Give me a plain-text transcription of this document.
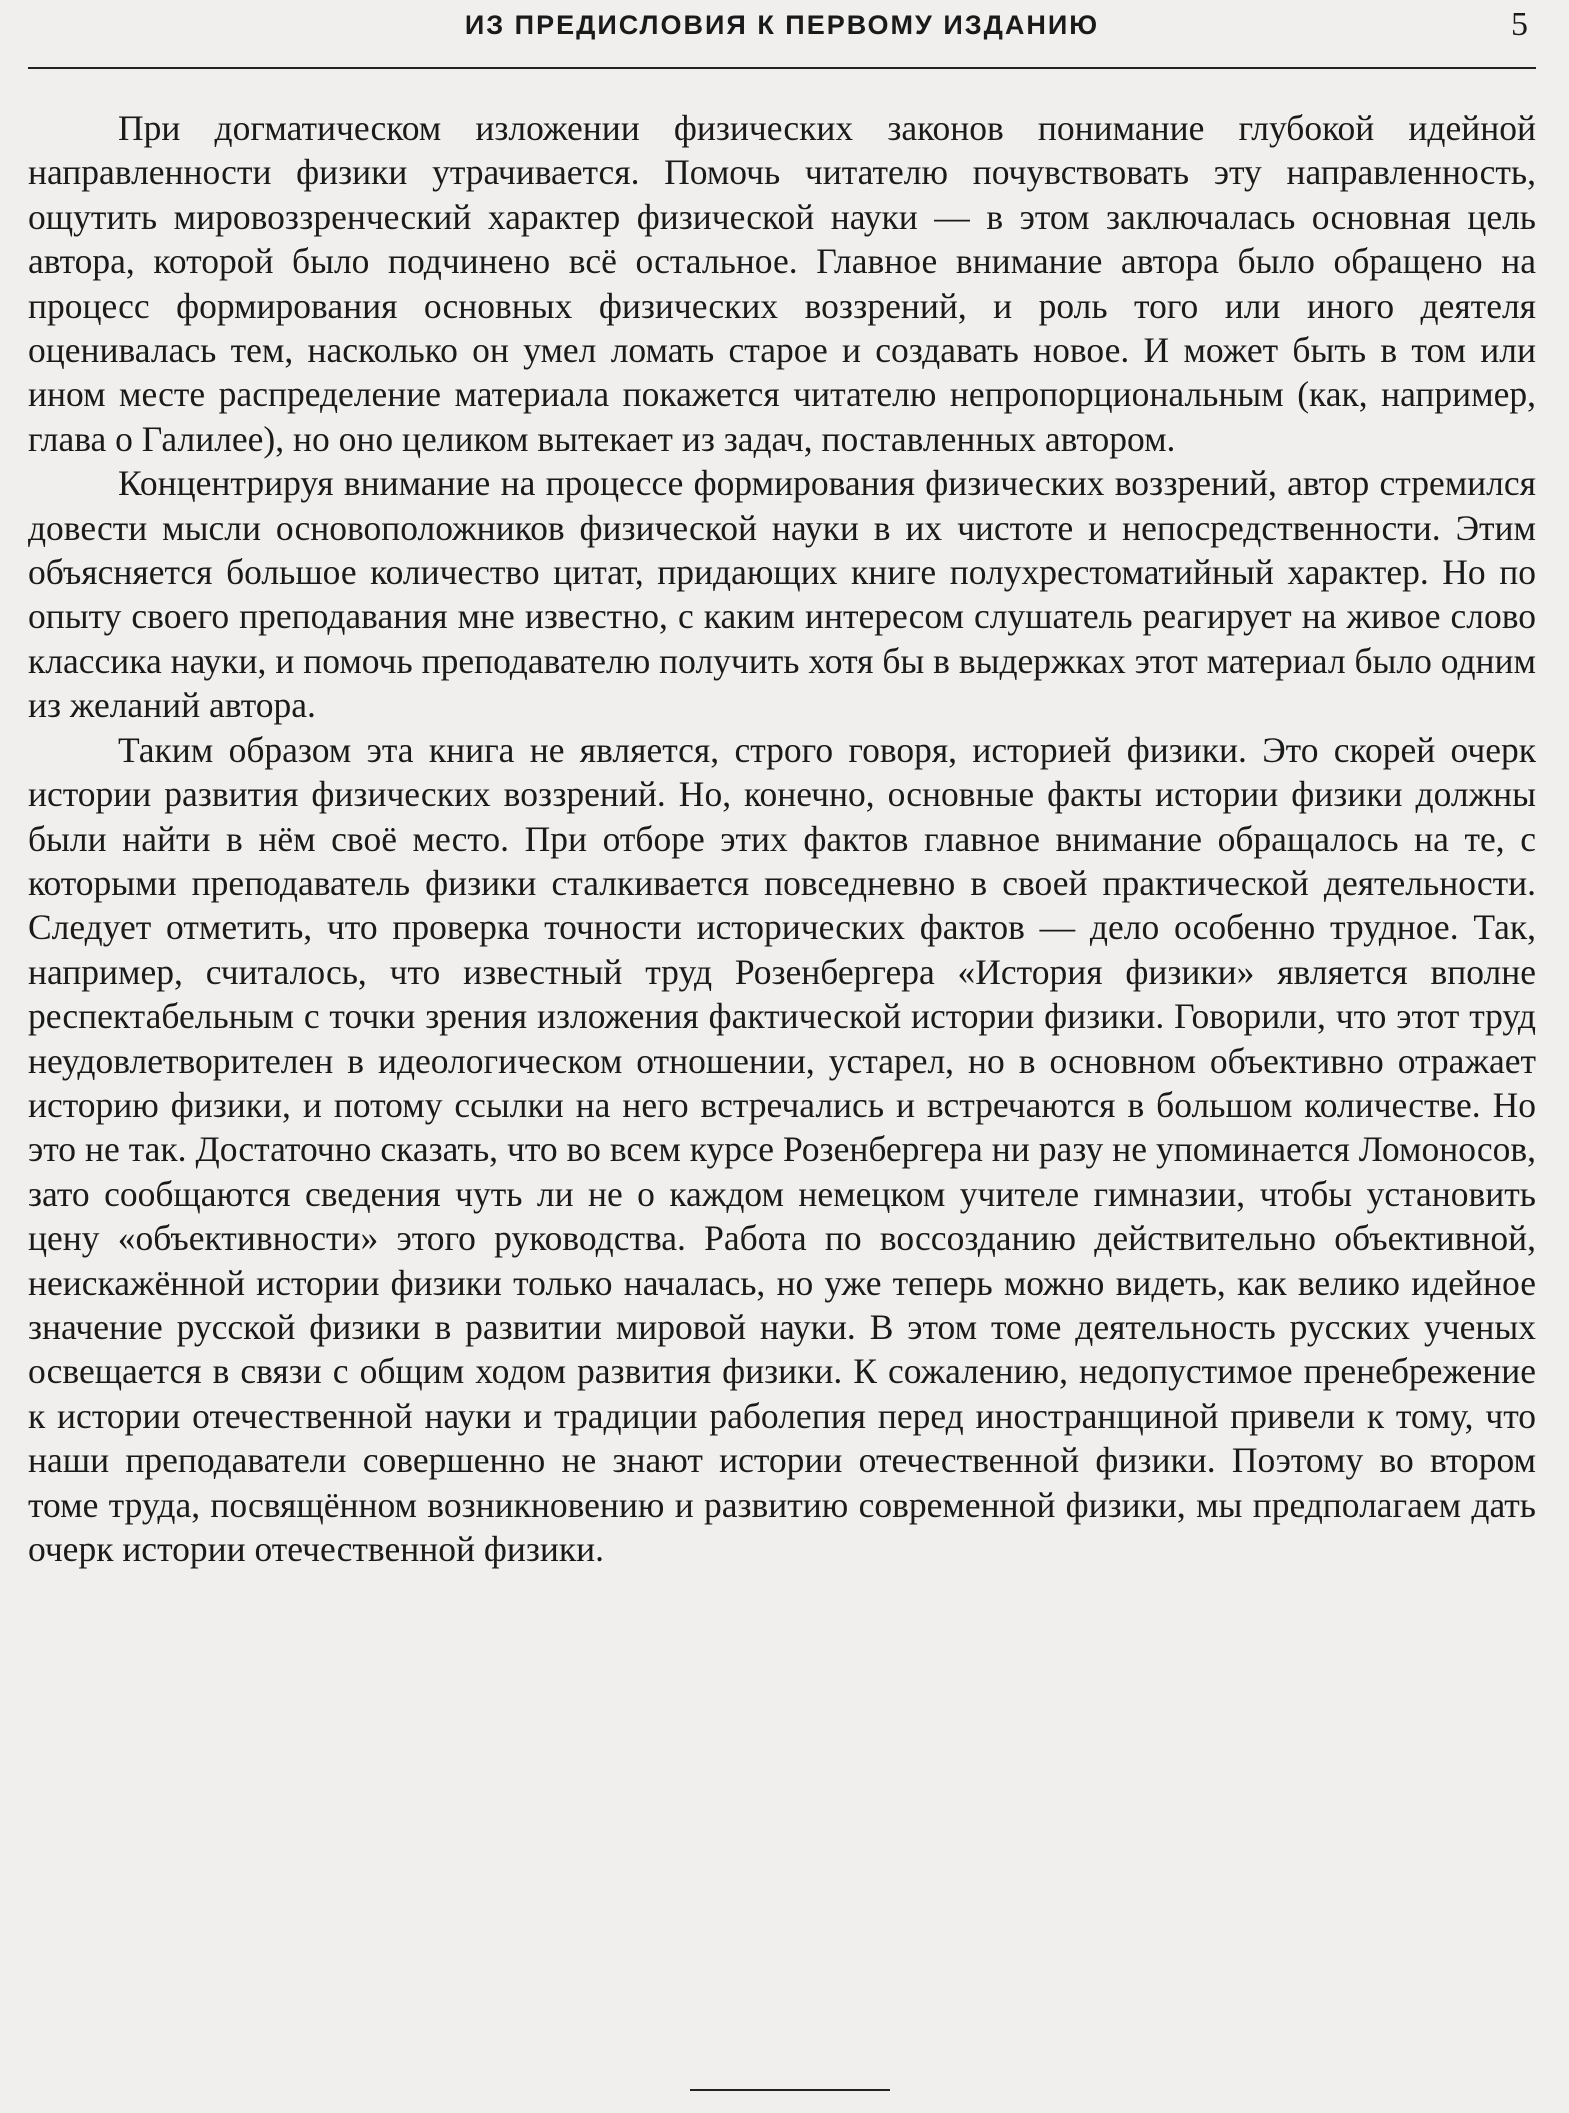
ИЗ ПРЕДИСЛОВИЯ К ПЕРВОМУ ИЗДАНИЮ	5

При догматическом изложении физических законов понимание глубокой идейной направленности физики утрачивается. Помочь читателю почувствовать эту направленность, ощутить мировоззренческий характер физической науки — в этом заключалась основная цель автора, которой было подчинено всё остальное. Главное внимание автора было обращено на процесс формирования основных физических воззрений, и роль того или иного деятеля оценивалась тем, насколько он умел ломать старое и создавать новое. И может быть в том или ином месте распределение материала покажется читателю непропорциональным (как, например, глава о Галилее), но оно целиком вытекает из задач, поставленных автором.

Концентрируя внимание на процессе формирования физических воззрений, автор стремился довести мысли основоположников физической науки в их чистоте и непосредственности. Этим объясняется большое количество цитат, придающих книге полухрестоматийный характер. Но по опыту своего преподавания мне известно, с каким интересом слушатель реагирует на живое слово классика науки, и помочь преподавателю получить хотя бы в выдержках этот материал было одним из желаний автора.

Таким образом эта книга не является, строго говоря, историей физики. Это скорей очерк истории развития физических воззрений. Но, конечно, основные факты истории физики должны были найти в нём своё место. При отборе этих фактов главное внимание обращалось на те, с которыми преподаватель физики сталкивается повседневно в своей практической деятельности. Следует отметить, что проверка точности исторических фактов — дело особенно трудное. Так, например, считалось, что известный труд Розенбергера «История физики» является вполне респектабельным с точки зрения изложения фактической истории физики. Говорили, что этот труд неудовлетворителен в идеологическом отношении, устарел, но в основном объективно отражает историю физики, и потому ссылки на него встречались и встречаются в большом количестве. Но это не так. Достаточно сказать, что во всем курсе Розенбергера ни разу не упоминается Ломоносов, зато сообщаются сведения чуть ли не о каждом немецком учителе гимназии, чтобы установить цену «объективности» этого руководства. Работа по воссозданию действительно объективной, неискажённой истории физики только началась, но уже теперь можно видеть, как велико идейное значение русской физики в развитии мировой науки. В этом томе деятельность русских ученых освещается в связи с общим ходом развития физики. К сожалению, недопустимое пренебрежение к истории отечественной науки и традиции раболепия перед иностранщиной привели к тому, что наши преподаватели совершенно не знают истории отечественной физики. Поэтому во втором томе труда, посвящённом возникновению и развитию современной физики, мы предполагаем дать очерк истории отечественной физики.
